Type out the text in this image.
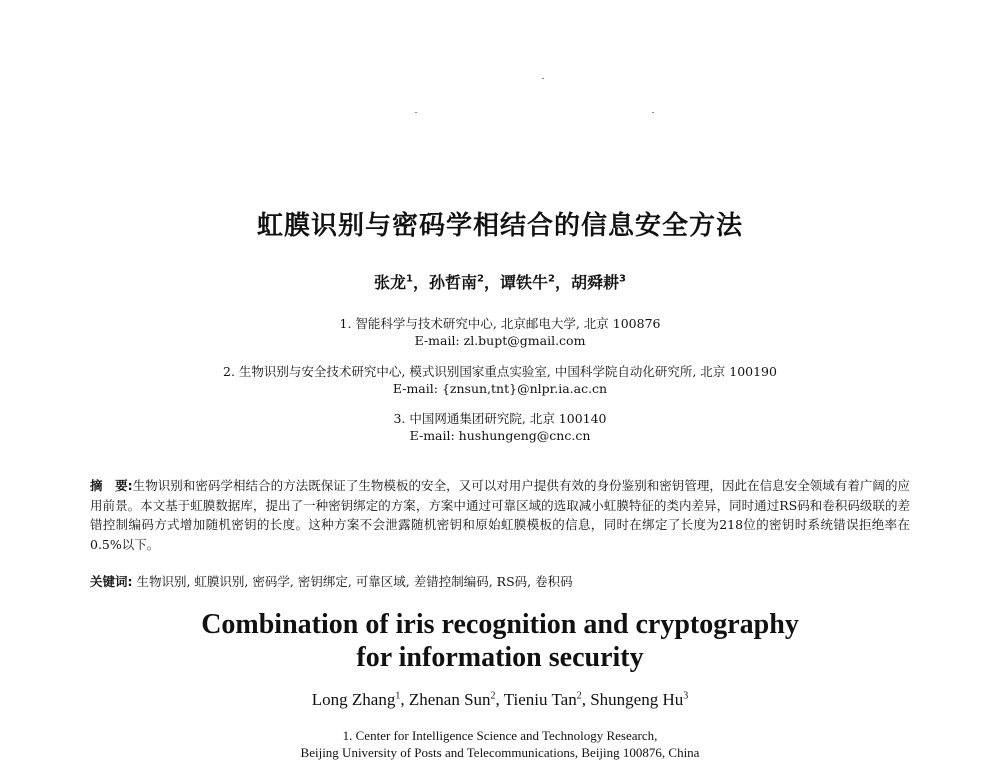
虹膜识别与密码学相结合的信息安全方法
张龙$^1$，孙哲南$^2$，谭铁牛$^2$，胡舜耕$^3$
1. 智能科学与技术研究中心, 北京邮电大学, 北京 100876
E-mail: zl.bupt@gmail.com
2. 生物识别与安全技术研究中心, 模式识别国家重点实验室, 中国科学院自动化研究所, 北京 100190
E-mail: {znsun,tnt}@nlpr.ia.ac.cn
3. 中国网通集团研究院, 北京 100140
E-mail: hushungeng@cnc.cn
摘　要:生物识别和密码学相结合的方法既保证了生物模板的安全，又可以对用户提供有效的身份鉴别和密钥管理，因此在信息安全领域有着广阔的应用前景。本文基于虹膜数据库，提出了一种密钥绑定的方案，方案中通过可靠区域的选取减小虹膜特征的类内差异，同时通过RS码和卷积码级联的差错控制编码方式增加随机密钥的长度。这种方案不会泄露随机密钥和原始虹膜模板的信息，同时在绑定了长度为218位的密钥时系统错误拒绝率在0.5%以下。
关键词: 生物识别, 虹膜识别, 密码学, 密钥绑定, 可靠区域, 差错控制编码, RS码, 卷积码
Combination of iris recognition and cryptography
for information security
Long Zhang$^1$, Zhenan Sun$^2$, Tieniu Tan$^2$, Shungeng Hu$^3$
1. Center for Intelligence Science and Technology Research,
Beijing University of Posts and Telecommunications, Beijing 100876, China
